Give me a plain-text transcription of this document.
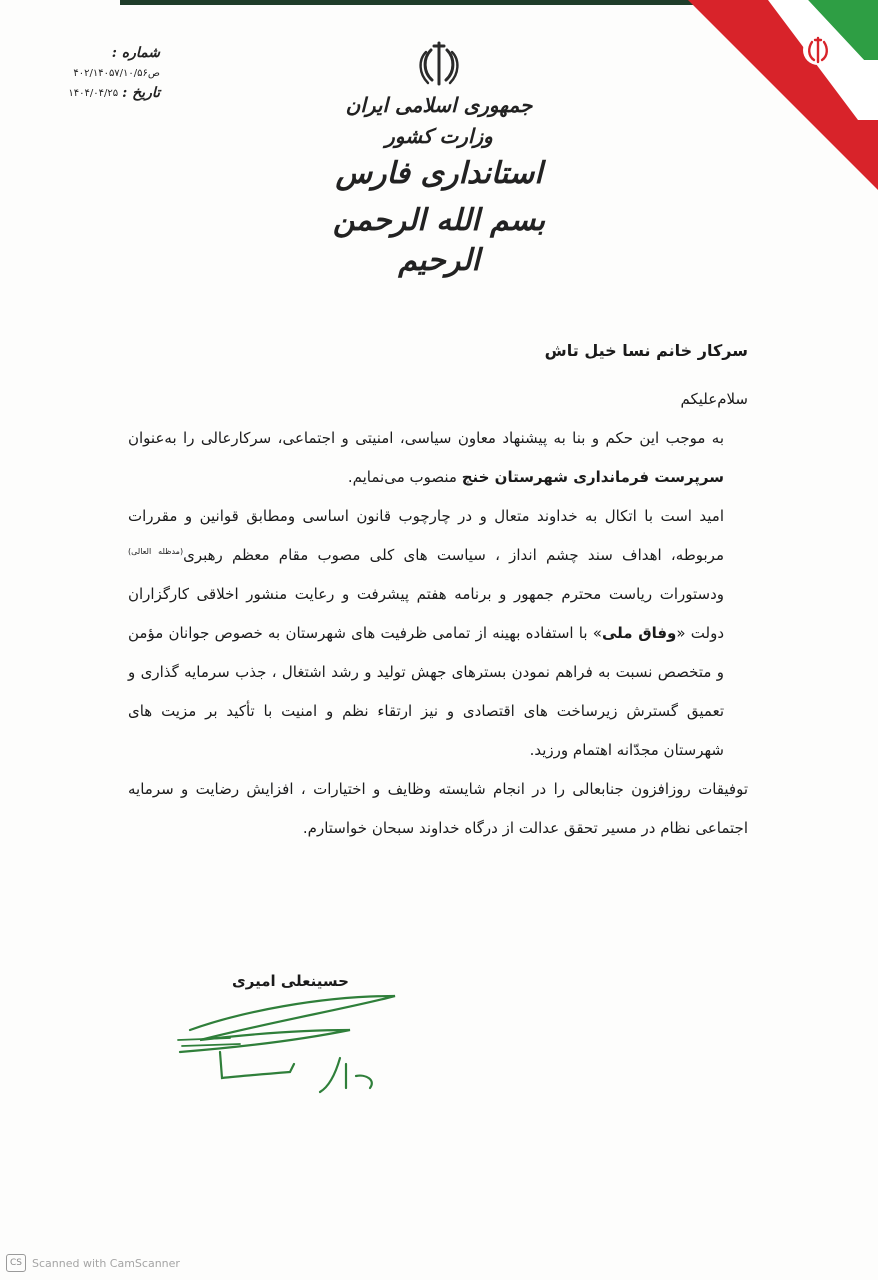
شماره :
ص۴۰۲/۱۴۰۵۷/۱۰/۵۶
تاریخ :
۱۴۰۴/۰۴/۲۵	جمهوری اسلامی ایران

وزارت کشور

استانداری فارس

بسم الله الرحمن الرحیم

سرکار خانم نسا خیل تاش

سلام‌علیکم

به موجب این حکم و بنا به پیشنهاد معاون سیاسی، امنیتی و اجتماعی، سرکارعالی را به‌عنوان سرپرست فرمانداری شهرستان خنج منصوب می‌نمایم.

امید است با اتکال به خداوند متعال و در چارچوب قانون اساسی ومطابق قوانین و مقررات مربوطه، اهداف سند چشم انداز ، سیاست های کلی مصوب مقام معظم رهبری$^{(مدظله العالی)}$ ودستورات ریاست محترم جمهور و برنامه هفتم پیشرفت و رعایت منشور اخلاقی کارگزاران دولت «وفاق ملی» با استفاده بهینه از تمامی ظرفیت های شهرستان به خصوص جوانان مؤمن و متخصص نسبت به فراهم نمودن بسترهای جهش تولید و رشد اشتغال ، جذب سرمایه گذاری و تعمیق گسترش زیرساخت های اقتصادی و نیز ارتقاء نظم و امنیت با تأکید بر مزیت های شهرستان مجدّانه اهتمام ورزید.

توفیقات روزافزون جنابعالی را در انجام شایسته وظایف و اختیارات ، افزایش رضایت و سرمایه اجتماعی نظام در مسیر تحقق عدالت از درگاه خداوند سبحان خواستارم.

حسینعلی امیری
CS Scanned with CamScanner
